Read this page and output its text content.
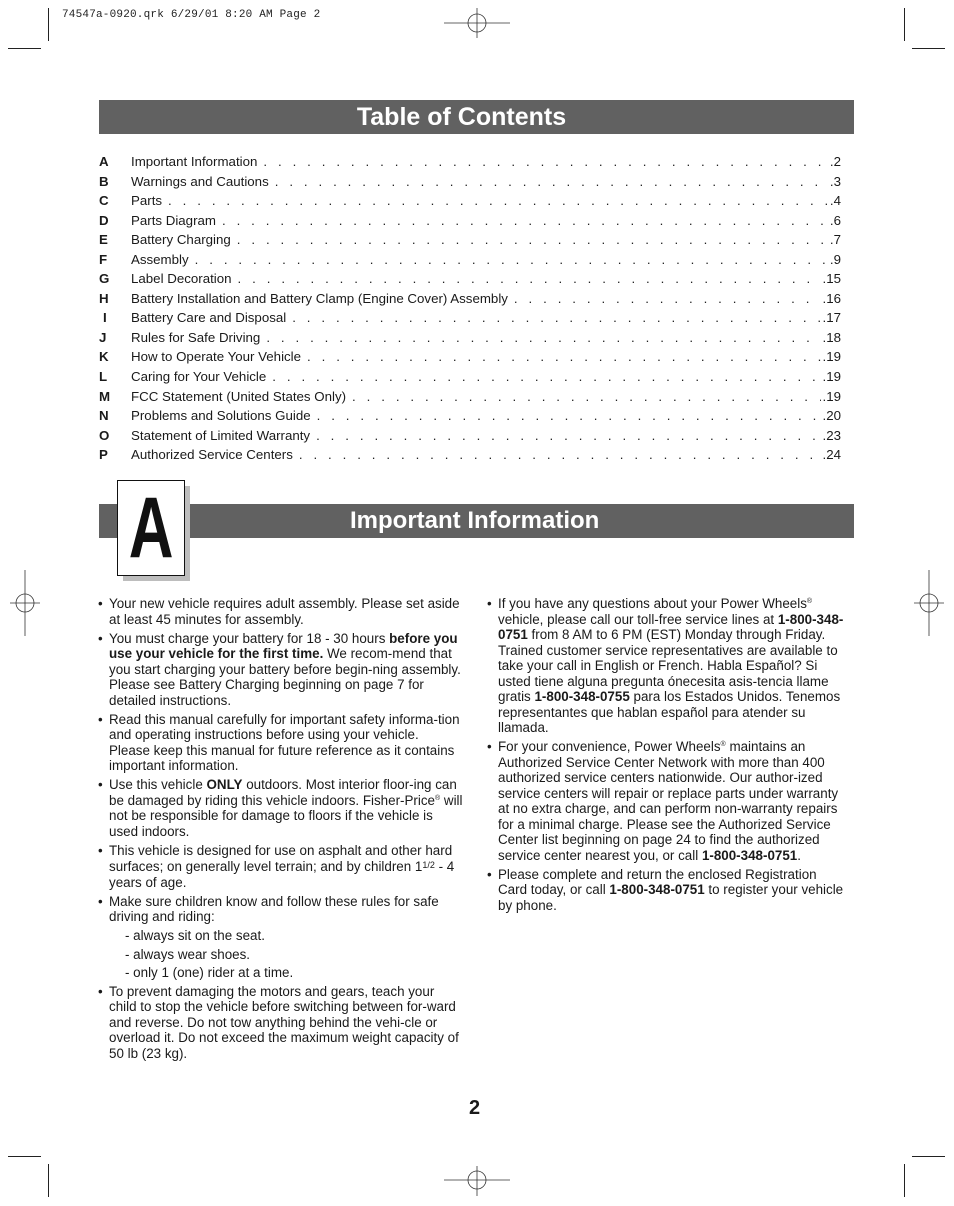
74547a-0920.qrk 6/29/01 8:20 AM Page 2
Table of Contents
A	Important Information . . .	.2
B	Warnings and Cautions . . .	.3
C	Parts . . .	.4
D	Parts Diagram . . .	.6
E	Battery Charging . . .	.7
F	Assembly . . .	.9
G	Label Decoration . . .	.15
H	Battery Installation and Battery Clamp (Engine Cover) Assembly . . .	.16
I	Battery Care and Disposal . . .	.17
J	Rules for Safe Driving . . .	.18
K	How to Operate Your Vehicle . . .	.19
L	Caring for Your Vehicle . . .	.19
M	FCC Statement (United States Only) . . .	.19
N	Problems and Solutions Guide . . .	.20
O	Statement of Limited Warranty . . .	.23
P	Authorized Service Centers . . .	.24
Important Information
A
• Your new vehicle requires adult assembly. Please set aside at least 45 minutes for assembly.
• You must charge your battery for 18 - 30 hours before you use your vehicle for the first time. We recom-mend that you start charging your battery before begin-ning assembly. Please see Battery Charging beginning on page 7 for detailed instructions.
• Read this manual carefully for important safety informa-tion and operating instructions before using your vehicle. Please keep this manual for future reference as it contains important information.
• Use this vehicle ONLY outdoors. Most interior floor-ing can be damaged by riding this vehicle indoors. Fisher-Price® will not be responsible for damage to floors if the vehicle is used indoors.
• This vehicle is designed for use on asphalt and other hard surfaces; on generally level terrain; and by children $1^{1/2} - 4$ years of age.
• Make sure children know and follow these rules for safe driving and riding:
- always sit on the seat.
- always wear shoes.
- only 1 (one) rider at a time.
• To prevent damaging the motors and gears, teach your child to stop the vehicle before switching between for-ward and reverse. Do not tow anything behind the vehi-cle or overload it. Do not exceed the maximum weight capacity of 50 lb (23 kg).
• If you have any questions about your Power Wheels® vehicle, please call our toll-free service lines at 1-800-348-0751 from 8 AM to 6 PM (EST) Monday through Friday. Trained customer service representatives are available to take your call in English or French. Habla Español? Si usted tiene alguna pregunta ónecesita asis-tencia llame gratis 1-800-348-0755 para los Estados Unidos. Tenemos representantes que hablan español para atender su llamada.
• For your convenience, Power Wheels® maintains an Authorized Service Center Network with more than 400 authorized service centers nationwide. Our author-ized service centers will repair or replace parts under warranty at no extra charge, and can perform non-warranty repairs for a minimal charge. Please see the Authorized Service Center list beginning on page 24 to find the authorized service center nearest you, or call 1-800-348-0751.
• Please complete and return the enclosed Registration Card today, or call 1-800-348-0751 to register your vehicle by phone.
2
